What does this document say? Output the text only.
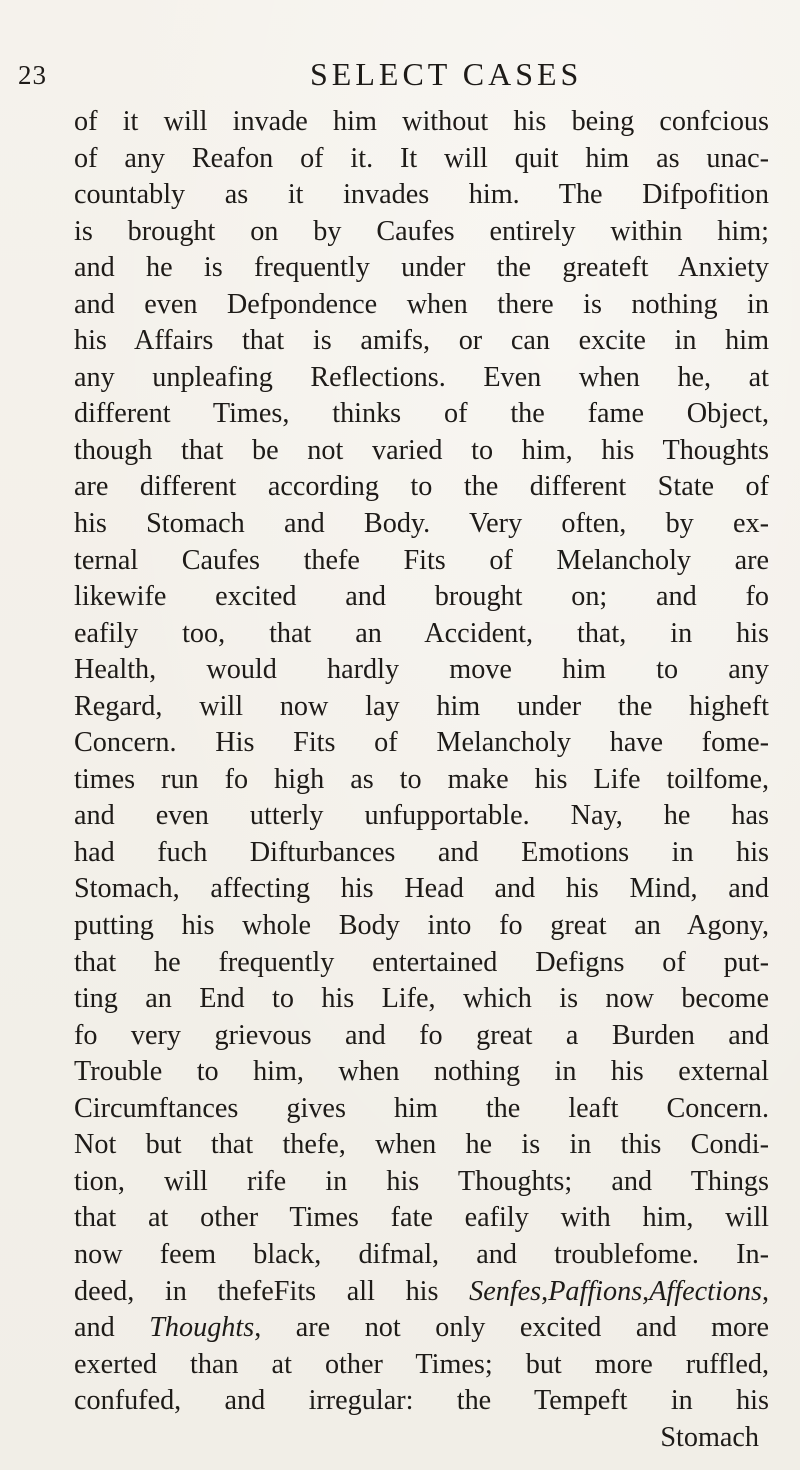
23	SELECT CASES
of it will invade him without his being confcious
of any Reafon of it. It will quit him as unac-
countably as it invades him. The Difpofition
is brought on by Caufes entirely within him;
and he is frequently under the greateft Anxiety
and even Defpondence when there is nothing in
his Affairs that is amifs, or can excite in him
any unpleafing Reflections. Even when he, at
different Times, thinks of the fame Object,
though that be not varied to him, his Thoughts
are different according to the different State of
his Stomach and Body. Very often, by ex-
ternal Caufes thefe Fits of Melancholy are
likewife excited and brought on; and fo
eafily too, that an Accident, that, in his
Health, would hardly move him to any
Regard, will now lay him under the higheft
Concern. His Fits of Melancholy have fome-
times run fo high as to make his Life toilfome,
and even utterly unfupportable. Nay, he has
had fuch Difturbances and Emotions in his
Stomach, affecting his Head and his Mind, and
putting his whole Body into fo great an Agony,
that he frequently entertained Defigns of put-
ting an End to his Life, which is now become
fo very grievous and fo great a Burden and
Trouble to him, when nothing in his external
Circumftances gives him the leaft Concern.
Not but that thefe, when he is in this Condi-
tion, will rife in his Thoughts; and Things
that at other Times fate eafily with him, will
now feem black, difmal, and troublefome. In-
deed, in thefeFits all his Senfes,Paffions,Affections,
and Thoughts, are not only excited and more
exerted than at other Times; but more ruffled,
confufed, and irregular: the Tempeft in his
Stomach
